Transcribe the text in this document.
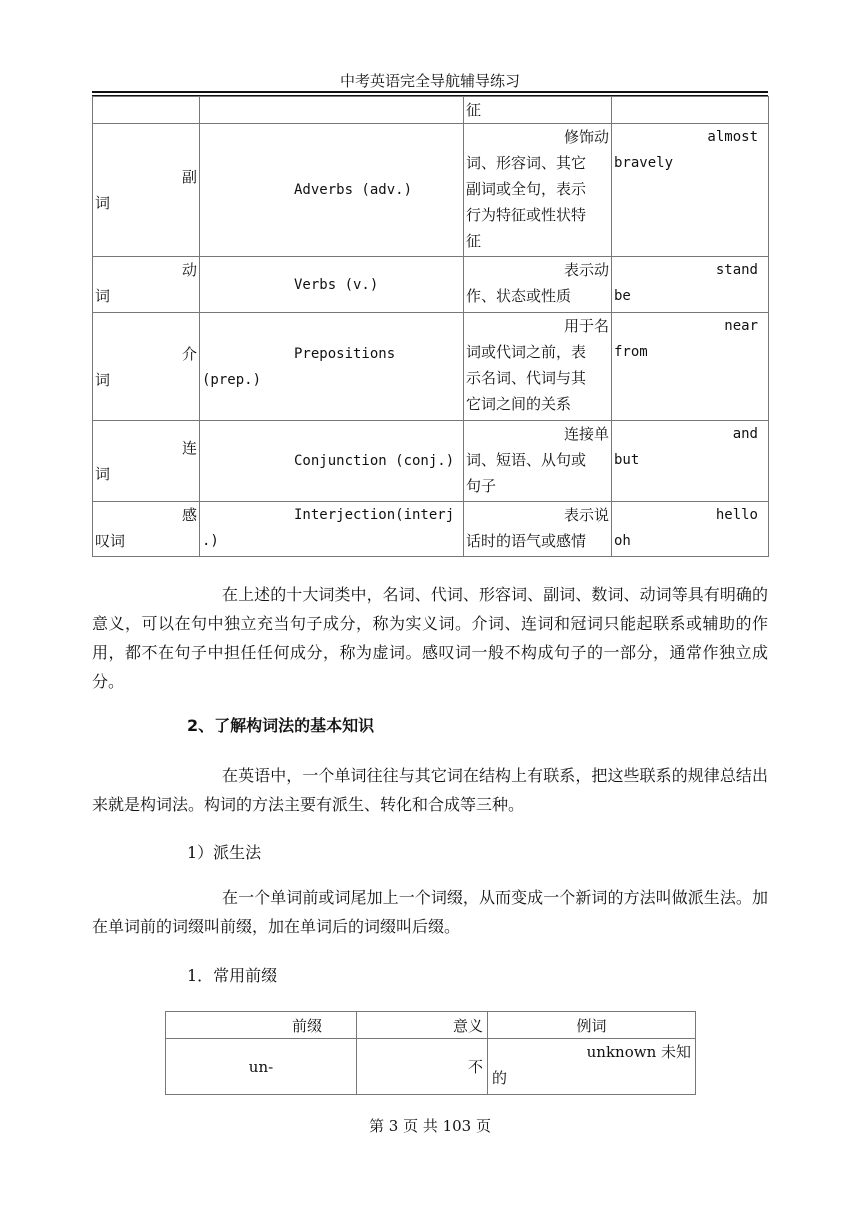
中考英语完全导航辅导练习

		征	

副
词	Adverbs (adv.)	修饰动
词、形容词、其它
副词或全句，表示
行为特征或性状特
征	almost
bravely

动
词	Verbs (v.)	表示动
作、状态或性质	stand
be

介
词	Prepositions
(prep.)	用于名
词或代词之前，表
示名词、代词与其
它词之间的关系	near
from

连
词	Conjunction (conj.)	连接单
词、短语、从句或
句子	and
but

感
叹词	Interjection(interj
.)	表示说
话时的语气或感情	hello
oh
在上述的十大词类中，名词、代词、形容词、副词、数词、动词等具有明确的意义，可以在句中独立充当句子成分，称为实义词。介词、连词和冠词只能起联系或辅助的作用，都不在句子中担任任何成分，称为虚词。感叹词一般不构成句子的一部分，通常作独立成分。
2、了解构词法的基本知识
在英语中，一个单词往往与其它词在结构上有联系，把这些联系的规律总结出来就是构词法。构词的方法主要有派生、转化和合成等三种。
1）派生法
在一个单词前或词尾加上一个词缀，从而变成一个新词的方法叫做派生法。加在单词前的词缀叫前缀，加在单词后的词缀叫后缀。
1．常用前缀
前缀	意义	例词
un-	不	unknown 未知
的
第 3 页 共 103 页
